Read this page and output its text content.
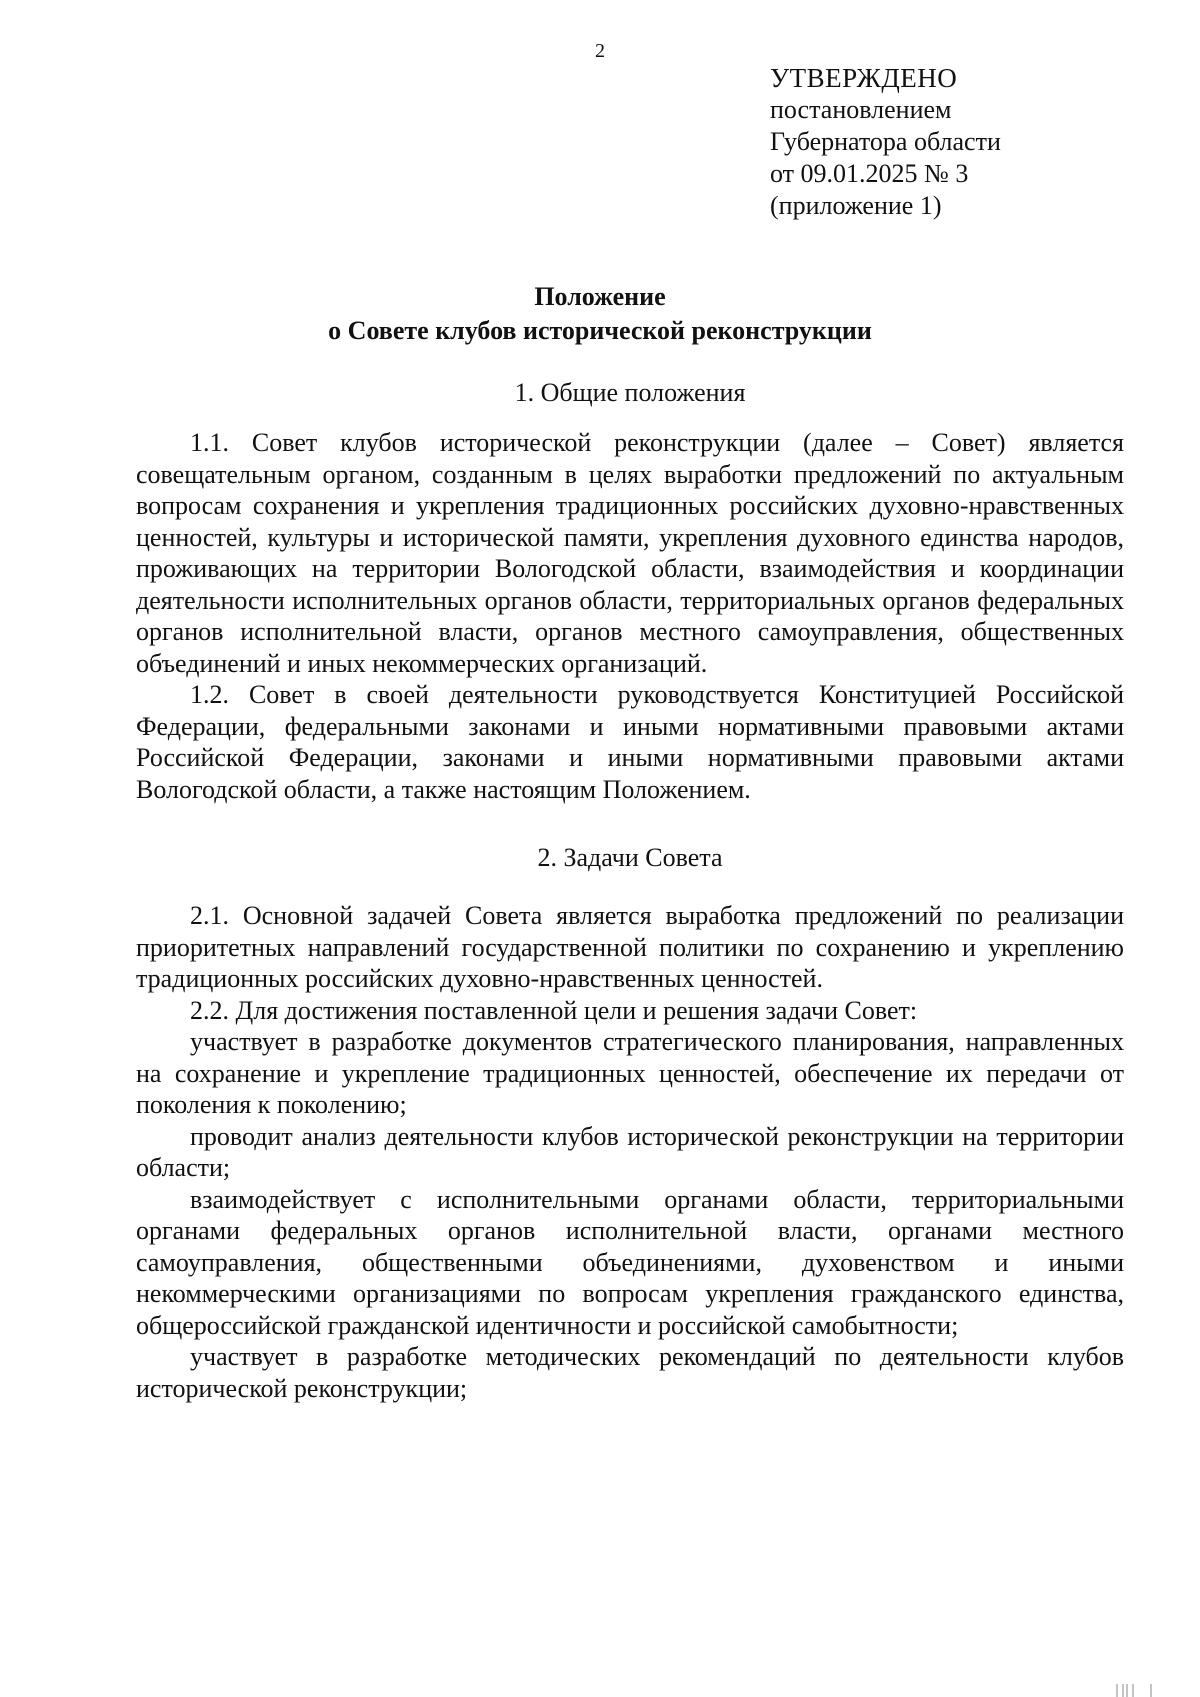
2
УТВЕРЖДЕНО
постановлением
Губернатора области
от 09.01.2025 № 3
(приложение 1)
Положение
о Совете клубов исторической реконструкции
1. Общие положения

1.1. Совет клубов исторической реконструкции (далее – Совет) является совещательным органом, созданным в целях выработки предложений по актуальным вопросам сохранения и укрепления традиционных российских духовно-нравственных ценностей, культуры и исторической памяти, укрепления духовного единства народов, проживающих на территории Вологодской области, взаимодействия и координации деятельности исполнительных органов области, территориальных органов федеральных органов исполнительной власти, органов местного самоуправления, общественных объединений и иных некоммерческих организаций.

1.2. Совет в своей деятельности руководствуется Конституцией Российской Федерации, федеральными законами и иными нормативными правовыми актами Российской Федерации, законами и иными нормативными правовыми актами Вологодской области, а также настоящим Положением.

2. Задачи Совета

2.1. Основной задачей Совета является выработка предложений по реализации приоритетных направлений государственной политики по сохранению и укреплению традиционных российских духовно-нравственных ценностей.

2.2. Для достижения поставленной цели и решения задачи Совет:

участвует в разработке документов стратегического планирования, направленных на сохранение и укрепление традиционных ценностей, обеспечение их передачи от поколения к поколению;

проводит анализ деятельности клубов исторической реконструкции на территории области;

взаимодействует с исполнительными органами области, территориальными органами федеральных органов исполнительной власти, органами местного самоуправления, общественными объединениями, духовенством и иными некоммерческими организациями по вопросам укрепления гражданского единства, общероссийской гражданской идентичности и российской самобытности;

участвует в разработке методических рекомендаций по деятельности клубов исторической реконструкции;
